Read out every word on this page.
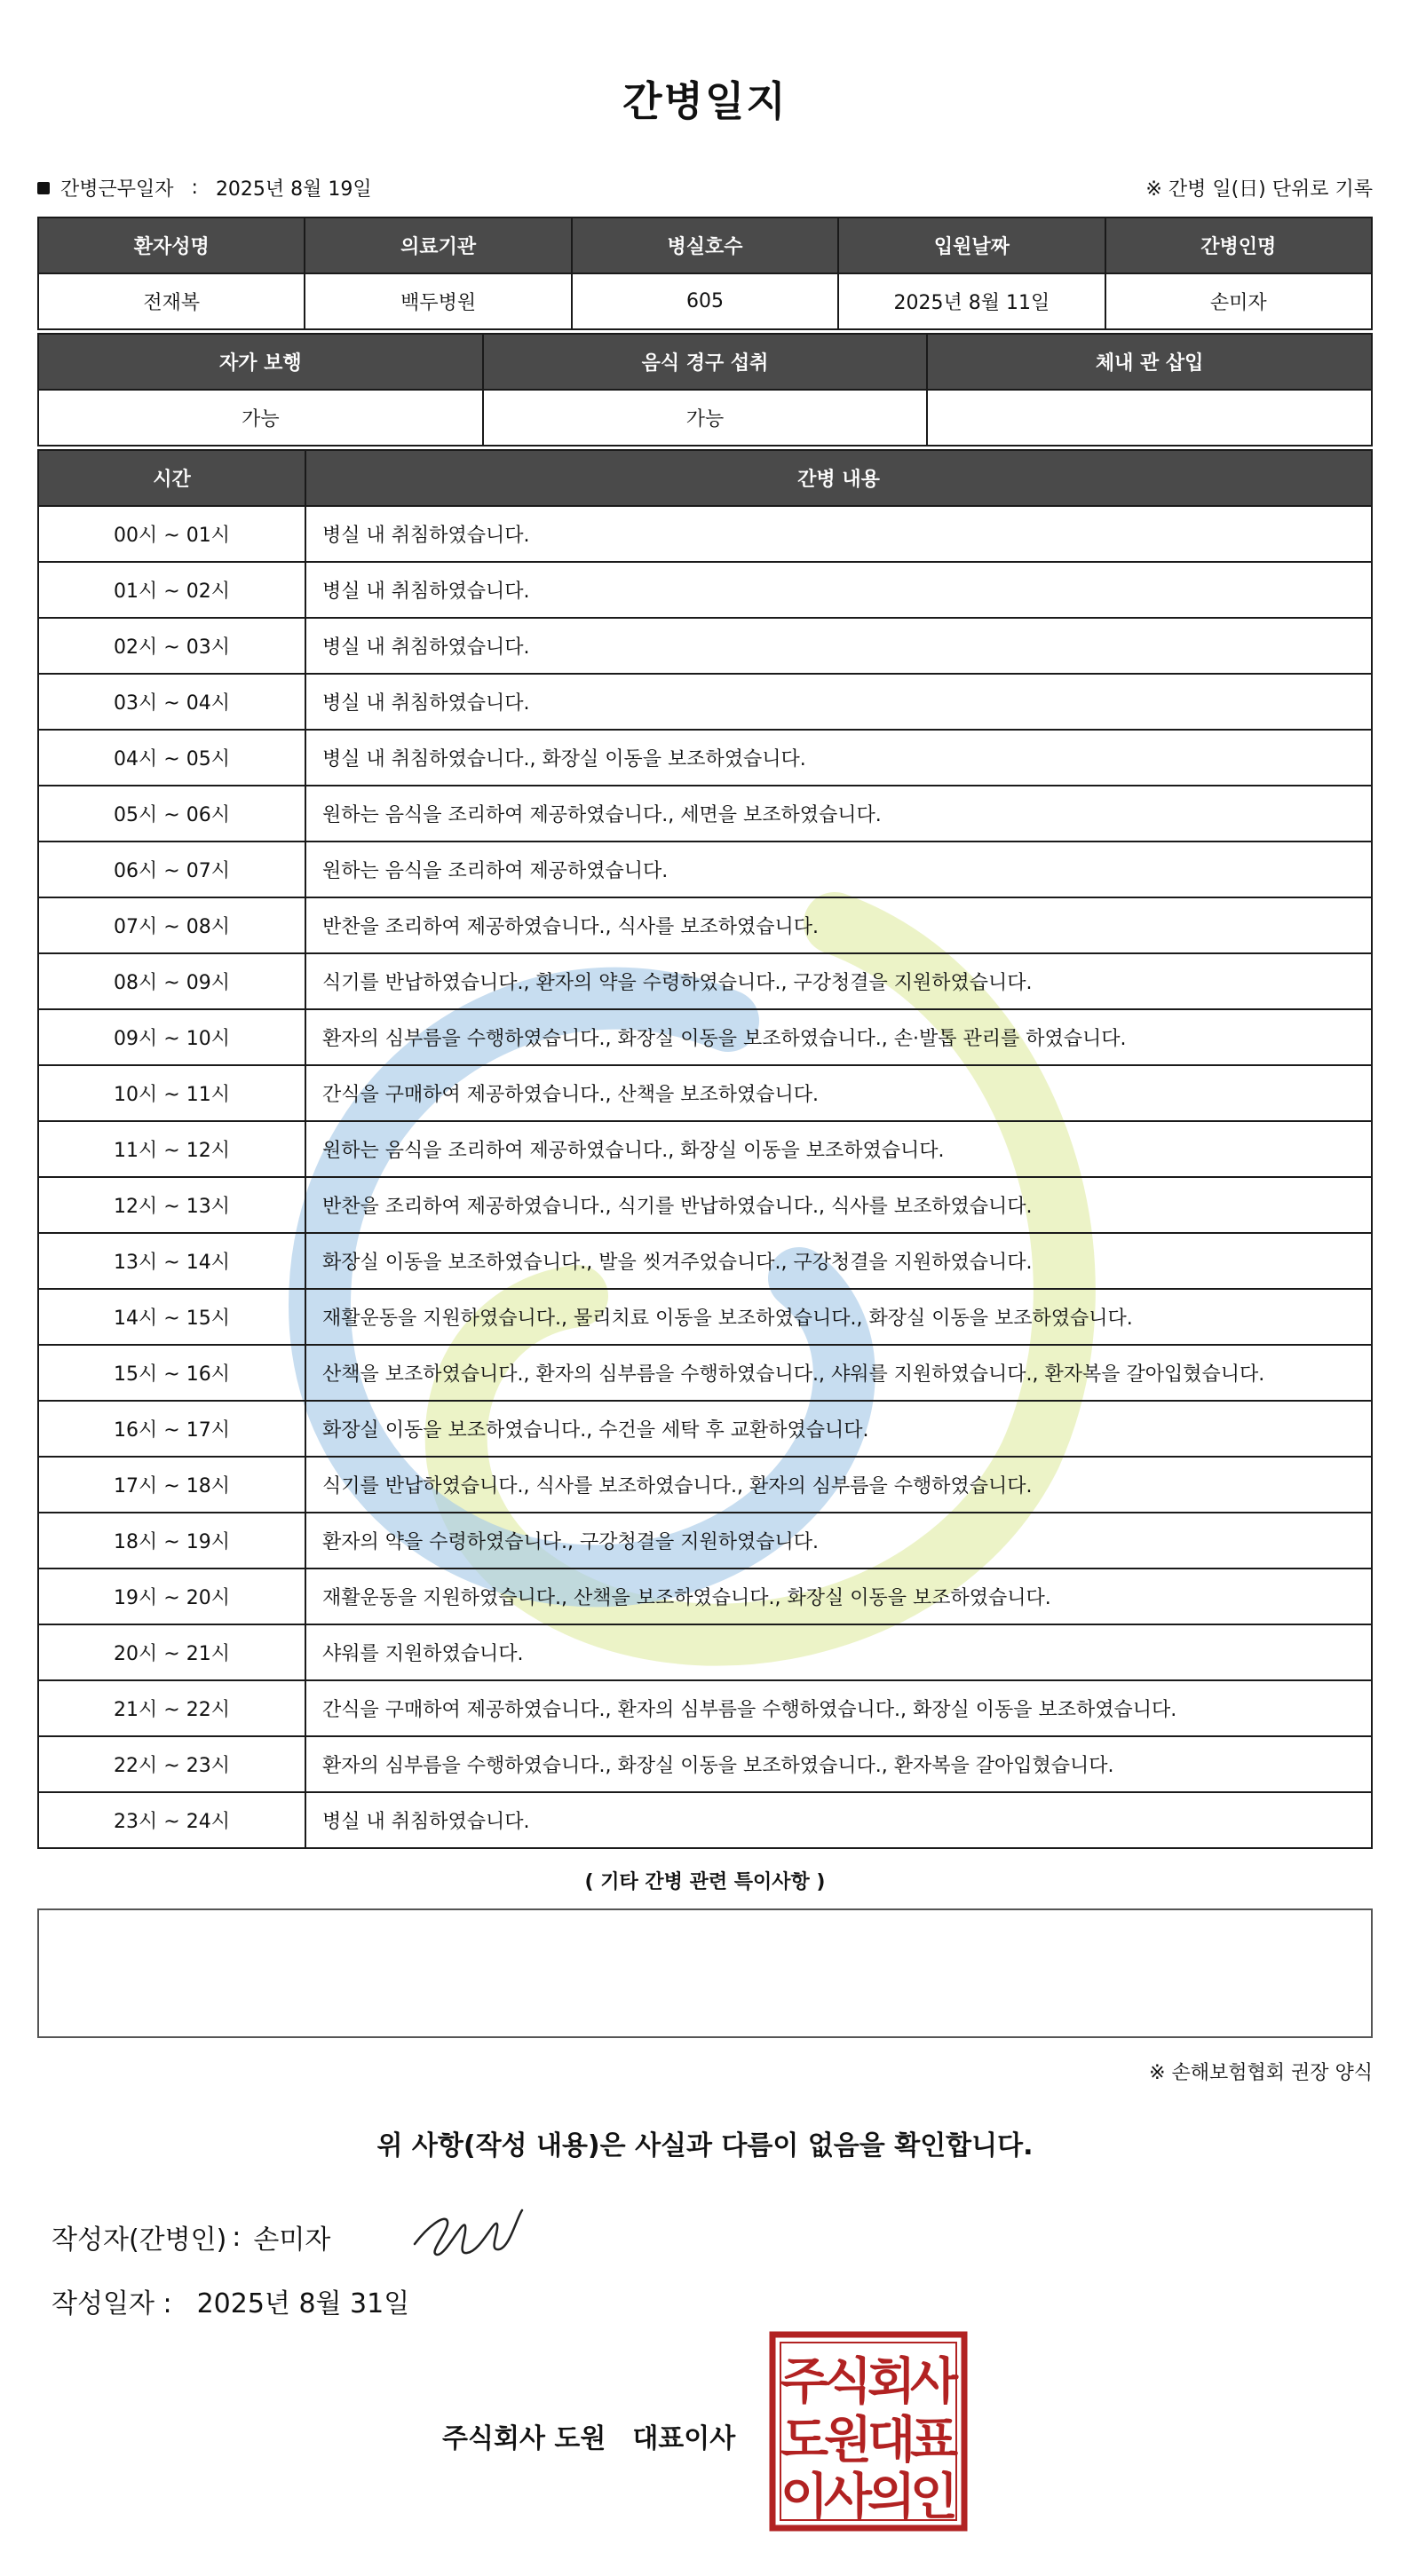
간병일지
간병근무일자 : 2025년 8월 19일	※ 간병 일(日) 단위로 기록
환자성명	의료기관	병실호수	입원날짜	간병인명
전재복	백두병원	605	2025년 8월 11일	손미자
자가 보행	음식 경구 섭취	체내 관 삽입
가능	가능	
시간	간병 내용
00시 ~ 01시	병실 내 취침하였습니다.
01시 ~ 02시	병실 내 취침하였습니다.
02시 ~ 03시	병실 내 취침하였습니다.
03시 ~ 04시	병실 내 취침하였습니다.
04시 ~ 05시	병실 내 취침하였습니다., 화장실 이동을 보조하였습니다.
05시 ~ 06시	원하는 음식을 조리하여 제공하였습니다., 세면을 보조하였습니다.
06시 ~ 07시	원하는 음식을 조리하여 제공하였습니다.
07시 ~ 08시	반찬을 조리하여 제공하였습니다., 식사를 보조하였습니다.
08시 ~ 09시	식기를 반납하였습니다., 환자의 약을 수령하였습니다., 구강청결을 지원하였습니다.
09시 ~ 10시	환자의 심부름을 수행하였습니다., 화장실 이동을 보조하였습니다., 손·발톱 관리를 하였습니다.
10시 ~ 11시	간식을 구매하여 제공하였습니다., 산책을 보조하였습니다.
11시 ~ 12시	원하는 음식을 조리하여 제공하였습니다., 화장실 이동을 보조하였습니다.
12시 ~ 13시	반찬을 조리하여 제공하였습니다., 식기를 반납하였습니다., 식사를 보조하였습니다.
13시 ~ 14시	화장실 이동을 보조하였습니다., 발을 씻겨주었습니다., 구강청결을 지원하였습니다.
14시 ~ 15시	재활운동을 지원하였습니다., 물리치료 이동을 보조하였습니다., 화장실 이동을 보조하였습니다.
15시 ~ 16시	산책을 보조하였습니다., 환자의 심부름을 수행하였습니다., 샤워를 지원하였습니다., 환자복을 갈아입혔습니다.
16시 ~ 17시	화장실 이동을 보조하였습니다., 수건을 세탁 후 교환하였습니다.
17시 ~ 18시	식기를 반납하였습니다., 식사를 보조하였습니다., 환자의 심부름을 수행하였습니다.
18시 ~ 19시	환자의 약을 수령하였습니다., 구강청결을 지원하였습니다.
19시 ~ 20시	재활운동을 지원하였습니다., 산책을 보조하였습니다., 화장실 이동을 보조하였습니다.
20시 ~ 21시	샤워를 지원하였습니다.
21시 ~ 22시	간식을 구매하여 제공하였습니다., 환자의 심부름을 수행하였습니다., 화장실 이동을 보조하였습니다.
22시 ~ 23시	환자의 심부름을 수행하였습니다., 화장실 이동을 보조하였습니다., 환자복을 갈아입혔습니다.
23시 ~ 24시	병실 내 취침하였습니다.
( 기타 간병 관련 특이사항 )
※ 손해보험협회 권장 양식
위 사항(작성 내용)은 사실과 다름이 없음을 확인합니다.
작성자(간병인) : 손미자
작성일자 : 2025년 8월 31일
주식회사 도원 대표이사
주
식
회
사
도
원
대
표
이
사
의
인
